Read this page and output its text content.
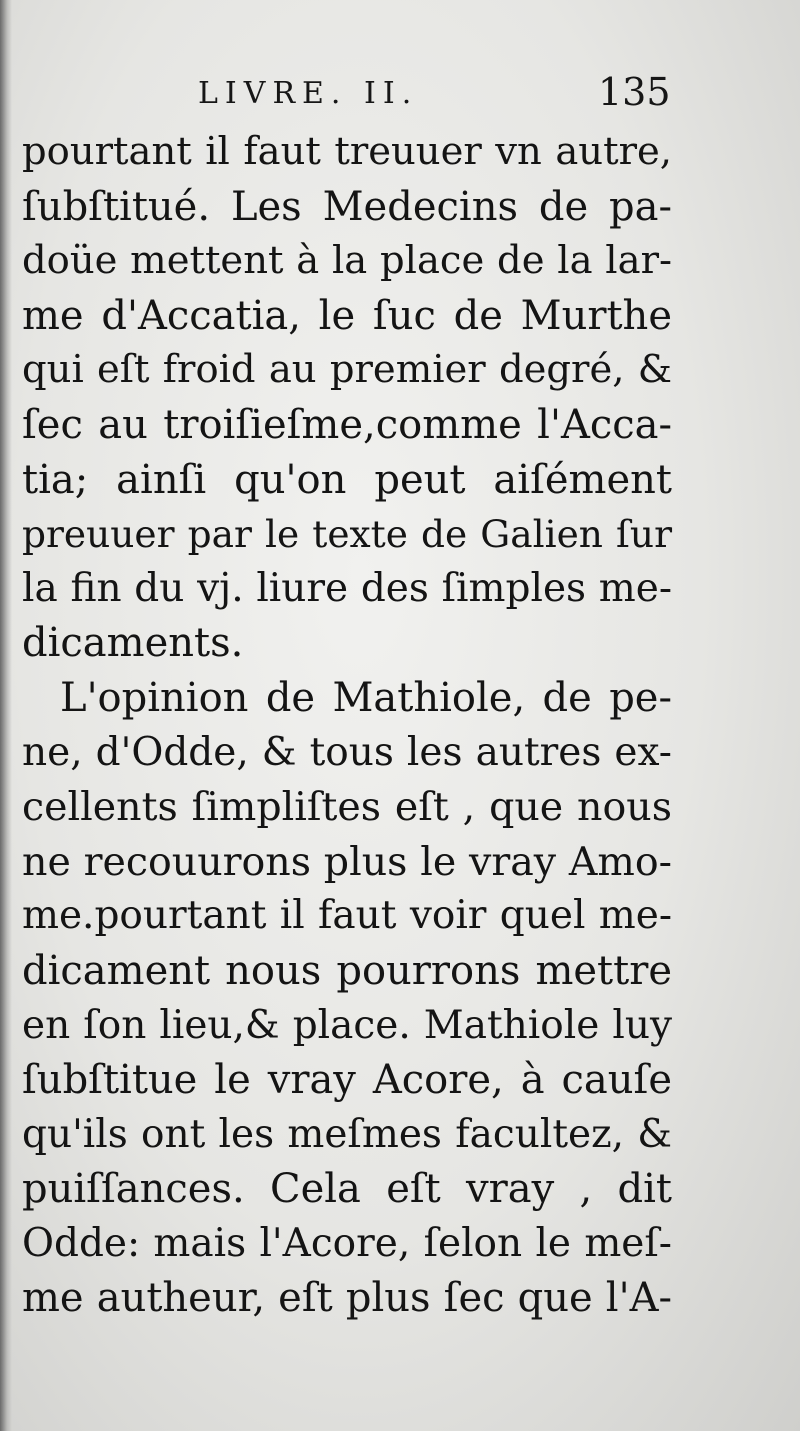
LIVRE. II.	135
pourtant il faut treuuer vn autre,
ſubſtitué. Les Medecins de pa-
doüe mettent à la place de la lar-
me d'Accatia, le ſuc de Murthe
qui eſt froid au premier degré, &
ſec au troiſieſme,comme l'Acca-
tia; ainſi qu'on peut aiſément
preuuer par le texte de Galien ſur
la fin du vj. liure des ſimples me-
dicaments.
L'opinion de Mathiole, de pe-
ne, d'Odde, & tous les autres ex-
cellents ſimpliſtes eſt , que nous
ne recouurons plus le vray Amo-
me.pourtant il faut voir quel me-
dicament nous pourrons mettre
en ſon lieu,& place. Mathiole luy
ſubſtitue le vray Acore, à cauſe
qu'ils ont les meſmes facultez, &
puiſſances. Cela eſt vray , dit
Odde: mais l'Acore, ſelon le meſ-
me autheur, eſt plus ſec que l'A-
